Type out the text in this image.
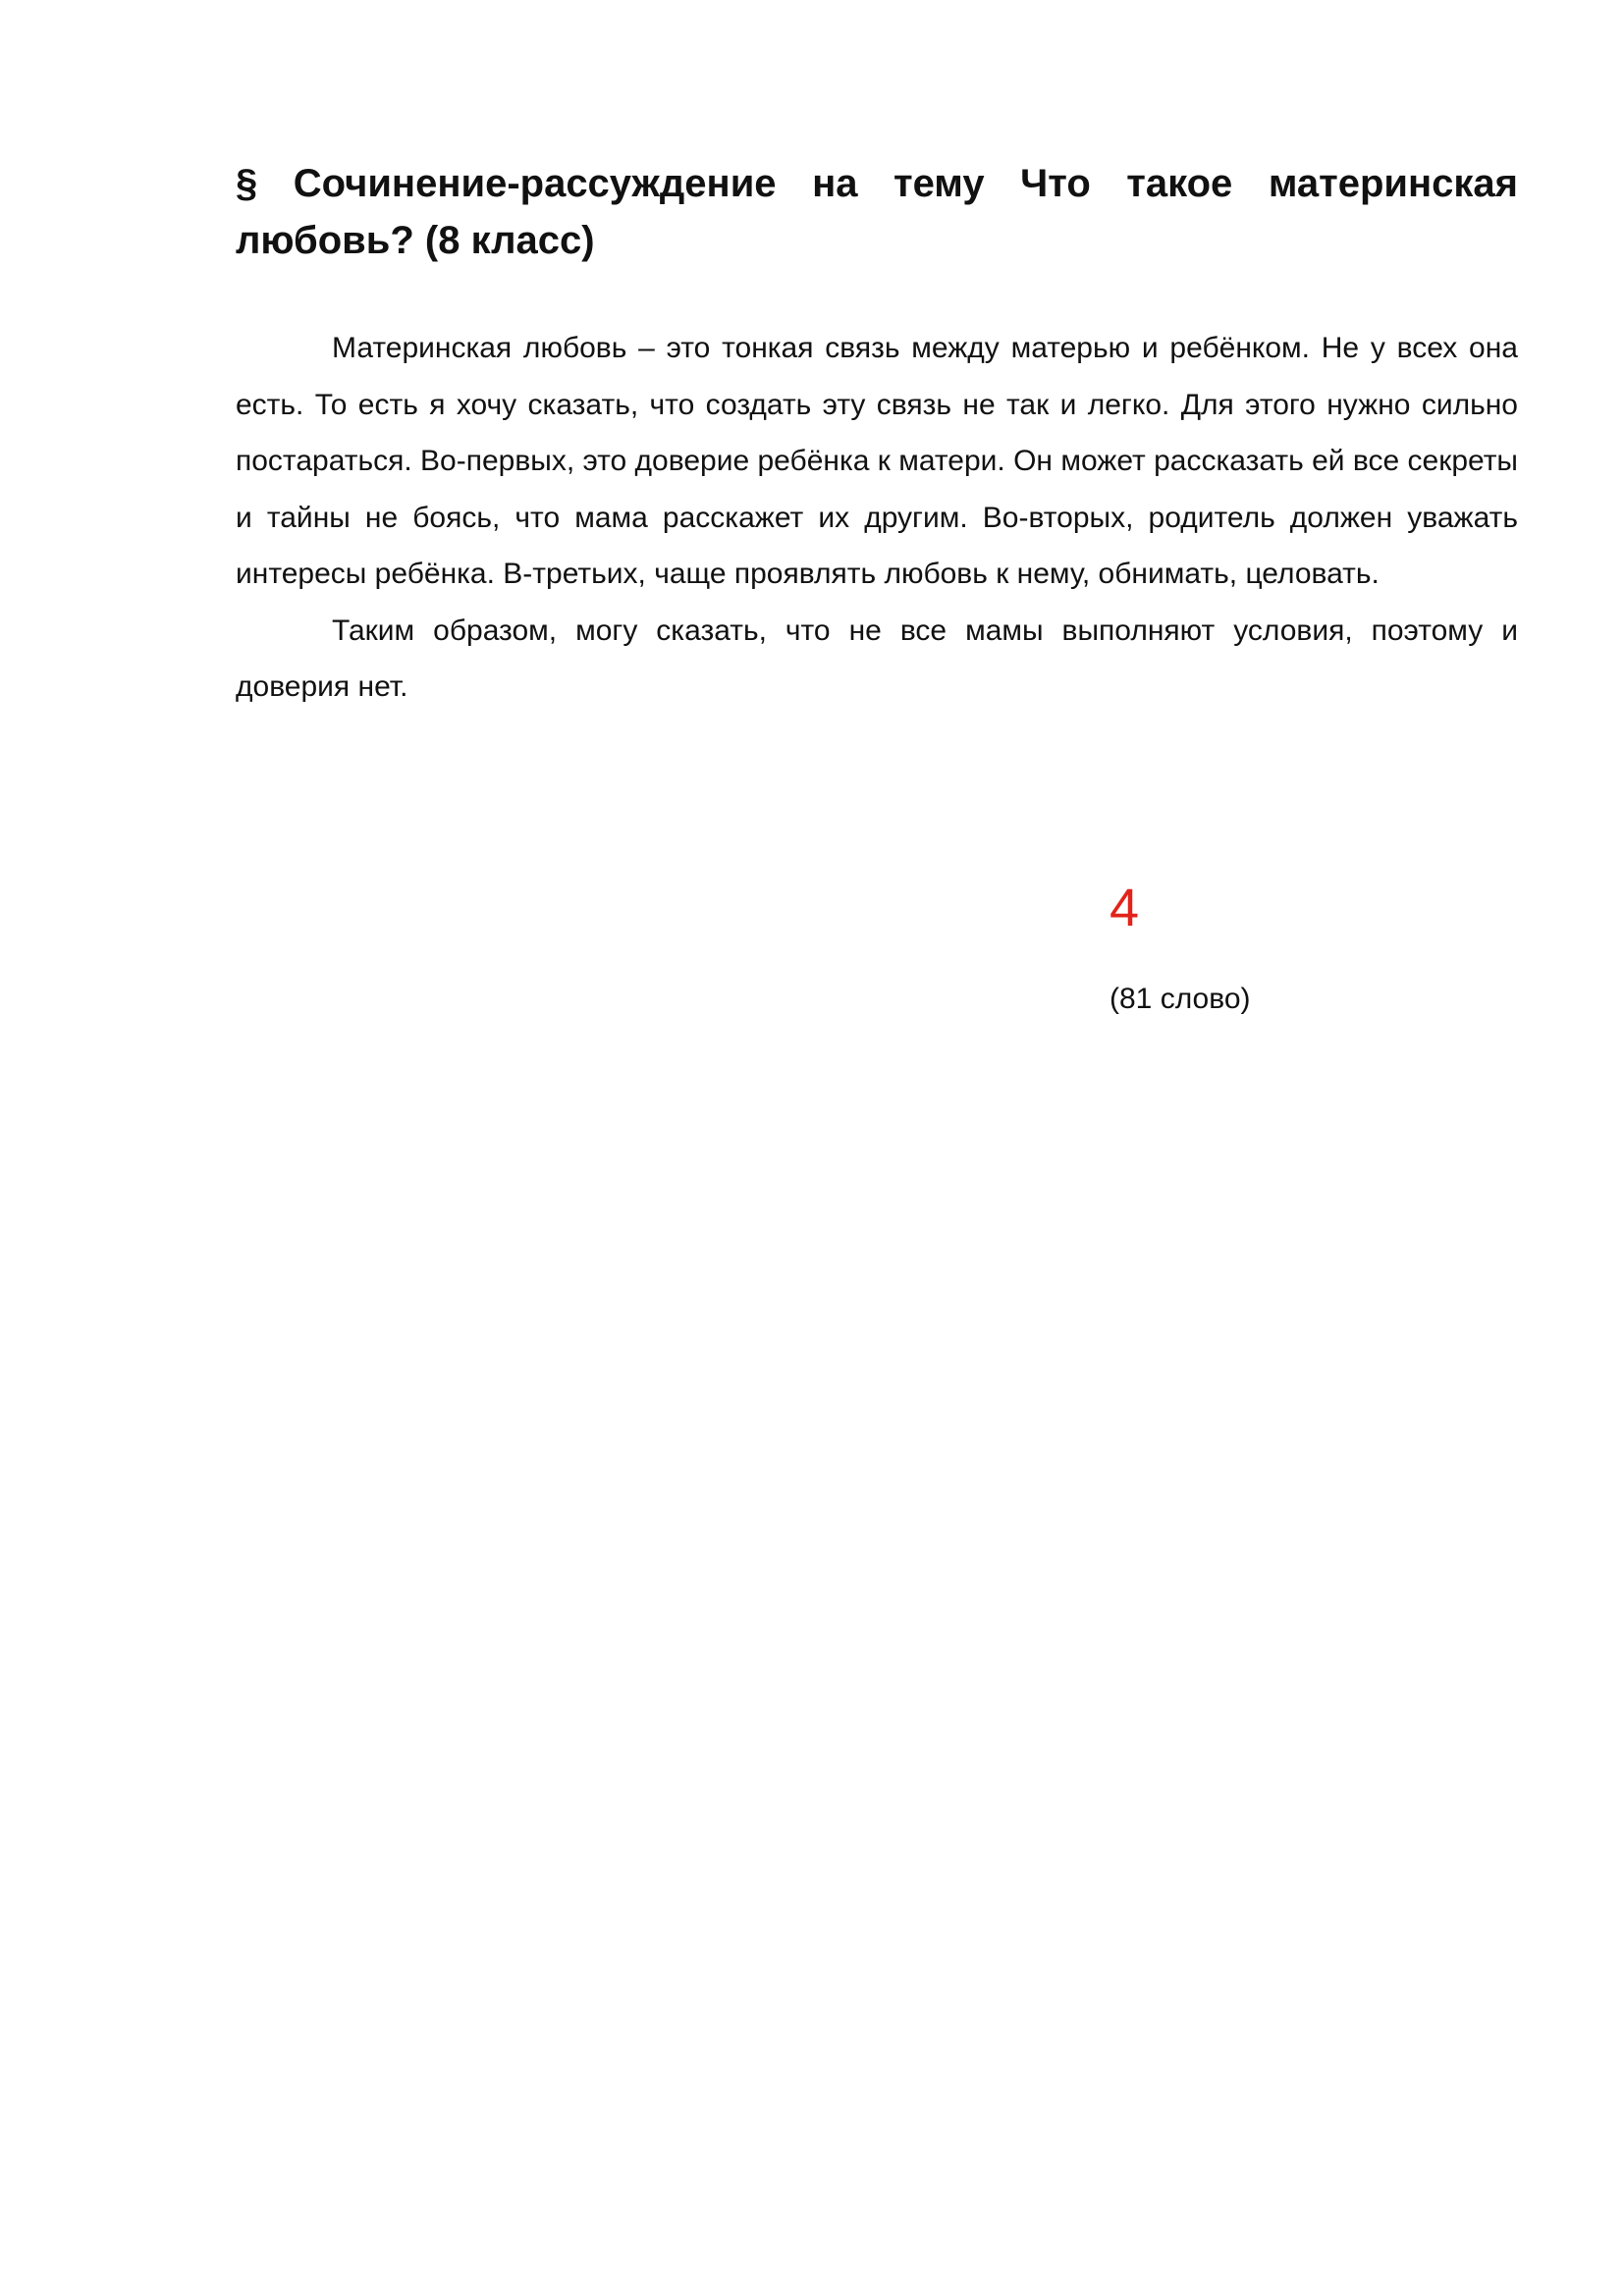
§ Сочинение-рассуждение на тему Что такое материнская любовь? (8 класс)

Материнская любовь – это тонкая связь между матерью и ребёнком. Не у всех она есть. То есть я хочу сказать, что создать эту связь не так и легко. Для этого нужно сильно постараться. Во-первых, это доверие ребёнка к матери. Он может рассказать ей все секреты и тайны не боясь, что мама расскажет их другим. Во-вторых, родитель должен уважать интересы ребёнка. В-третьих, чаще проявлять любовь к нему, обнимать, целовать.

Таким образом, могу сказать, что не все мамы выполняют условия, поэтому и доверия нет.

4
(81 слово)
